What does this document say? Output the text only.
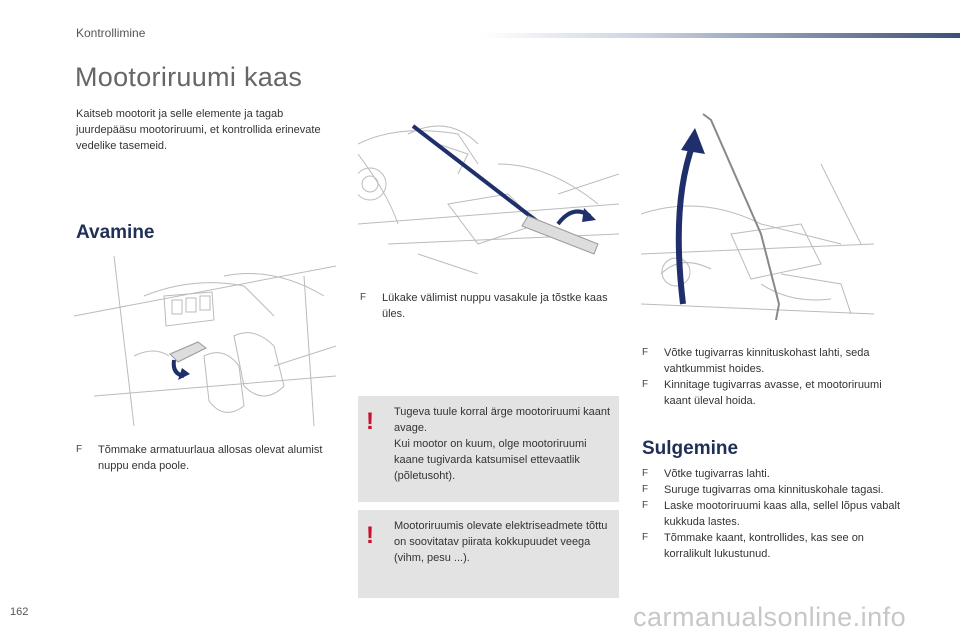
Kontrollimine
Mootoriruumi kaas
Kaitseb mootorit ja selle elemente ja tagab juurdepääsu mootoriruumi, et kontrollida erinevate vedelike tasemeid.
Avamine
F	Tõmmake armatuurlaua allosas olevat alumist nuppu enda poole.
F	Lükake välimist nuppu vasakule ja tõstke kaas üles.
F	Võtke tugivarras kinnituskohast lahti, seda vahtkummist hoides.
F	Kinnitage tugivarras avasse, et mootoriruumi kaant üleval hoida.
! Tugeva tuule korral ärge mootoriruumi kaant avage.
Kui mootor on kuum, olge mootoriruumi kaane tugivarda katsumisel ettevaatlik (põletusoht).
! Mootoriruumis olevate elektriseadmete tõttu on soovitatav piirata kokkupuudet veega (vihm, pesu ...).
Sulgemine
F	Võtke tugivarras lahti.
F	Suruge tugivarras oma kinnituskohale tagasi.
F	Laske mootoriruumi kaas alla, sellel lõpus vabalt kukkuda lastes.
F	Tõmmake kaant, kontrollides, kas see on korralikult lukustunud.
162	carmanualsonline.info
